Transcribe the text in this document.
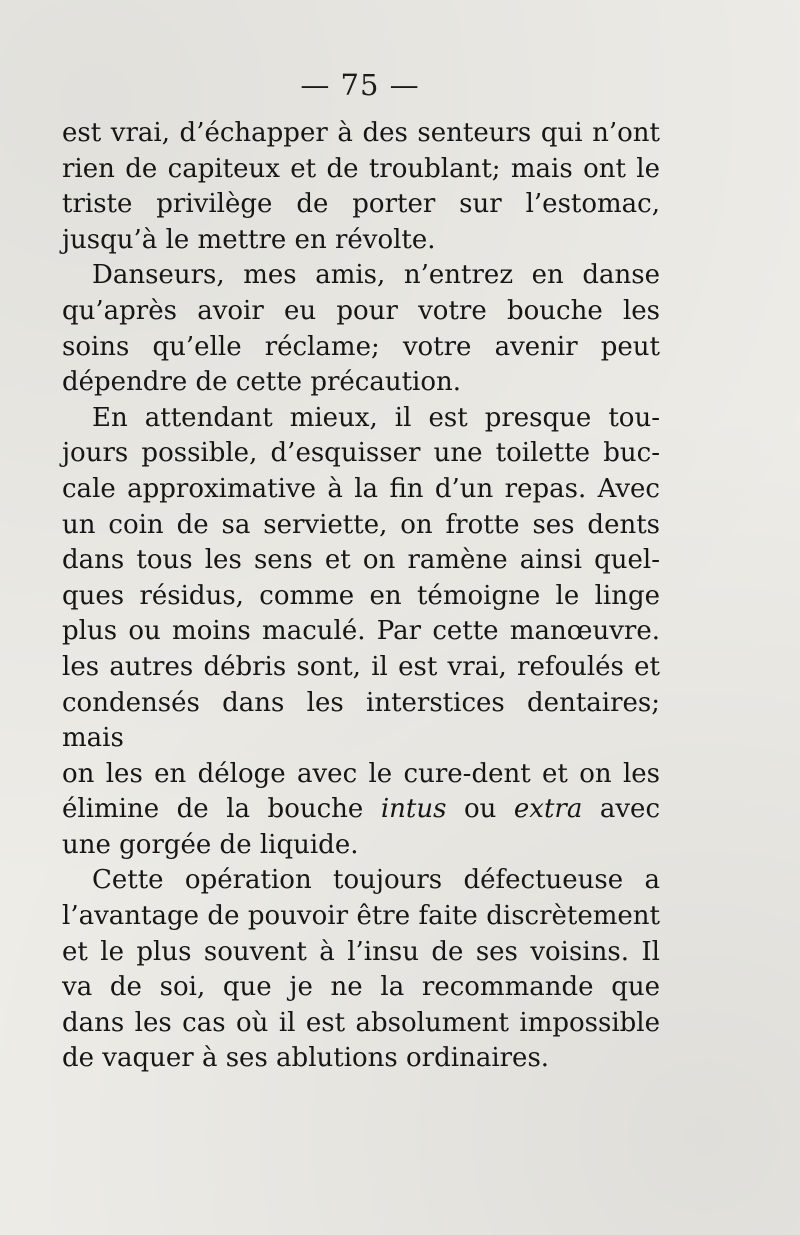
— 75 —

est vrai, d’échapper à des senteurs qui n’ont

rien de capiteux et de troublant; mais ont le

triste privilège de porter sur l’estomac,

jusqu’à le mettre en révolte.

Danseurs, mes amis, n’entrez en danse

qu’après avoir eu pour votre bouche les

soins qu’elle réclame; votre avenir peut

dépendre de cette précaution.

En attendant mieux, il est presque tou-

jours possible, d’esquisser une toilette buc-

cale approximative à la fin d’un repas. Avec

un coin de sa serviette, on frotte ses dents

dans tous les sens et on ramène ainsi quel-

ques résidus, comme en témoigne le linge

plus ou moins maculé. Par cette manœuvre.

les autres débris sont, il est vrai, refoulés et

condensés dans les interstices dentaires; mais

on les en déloge avec le cure-dent et on les

élimine de la bouche intus ou extra avec

une gorgée de liquide.

Cette opération toujours défectueuse a

l’avantage de pouvoir être faite discrètement

et le plus souvent à l’insu de ses voisins. Il

va de soi, que je ne la recommande que

dans les cas où il est absolument impossible

de vaquer à ses ablutions ordinaires.
